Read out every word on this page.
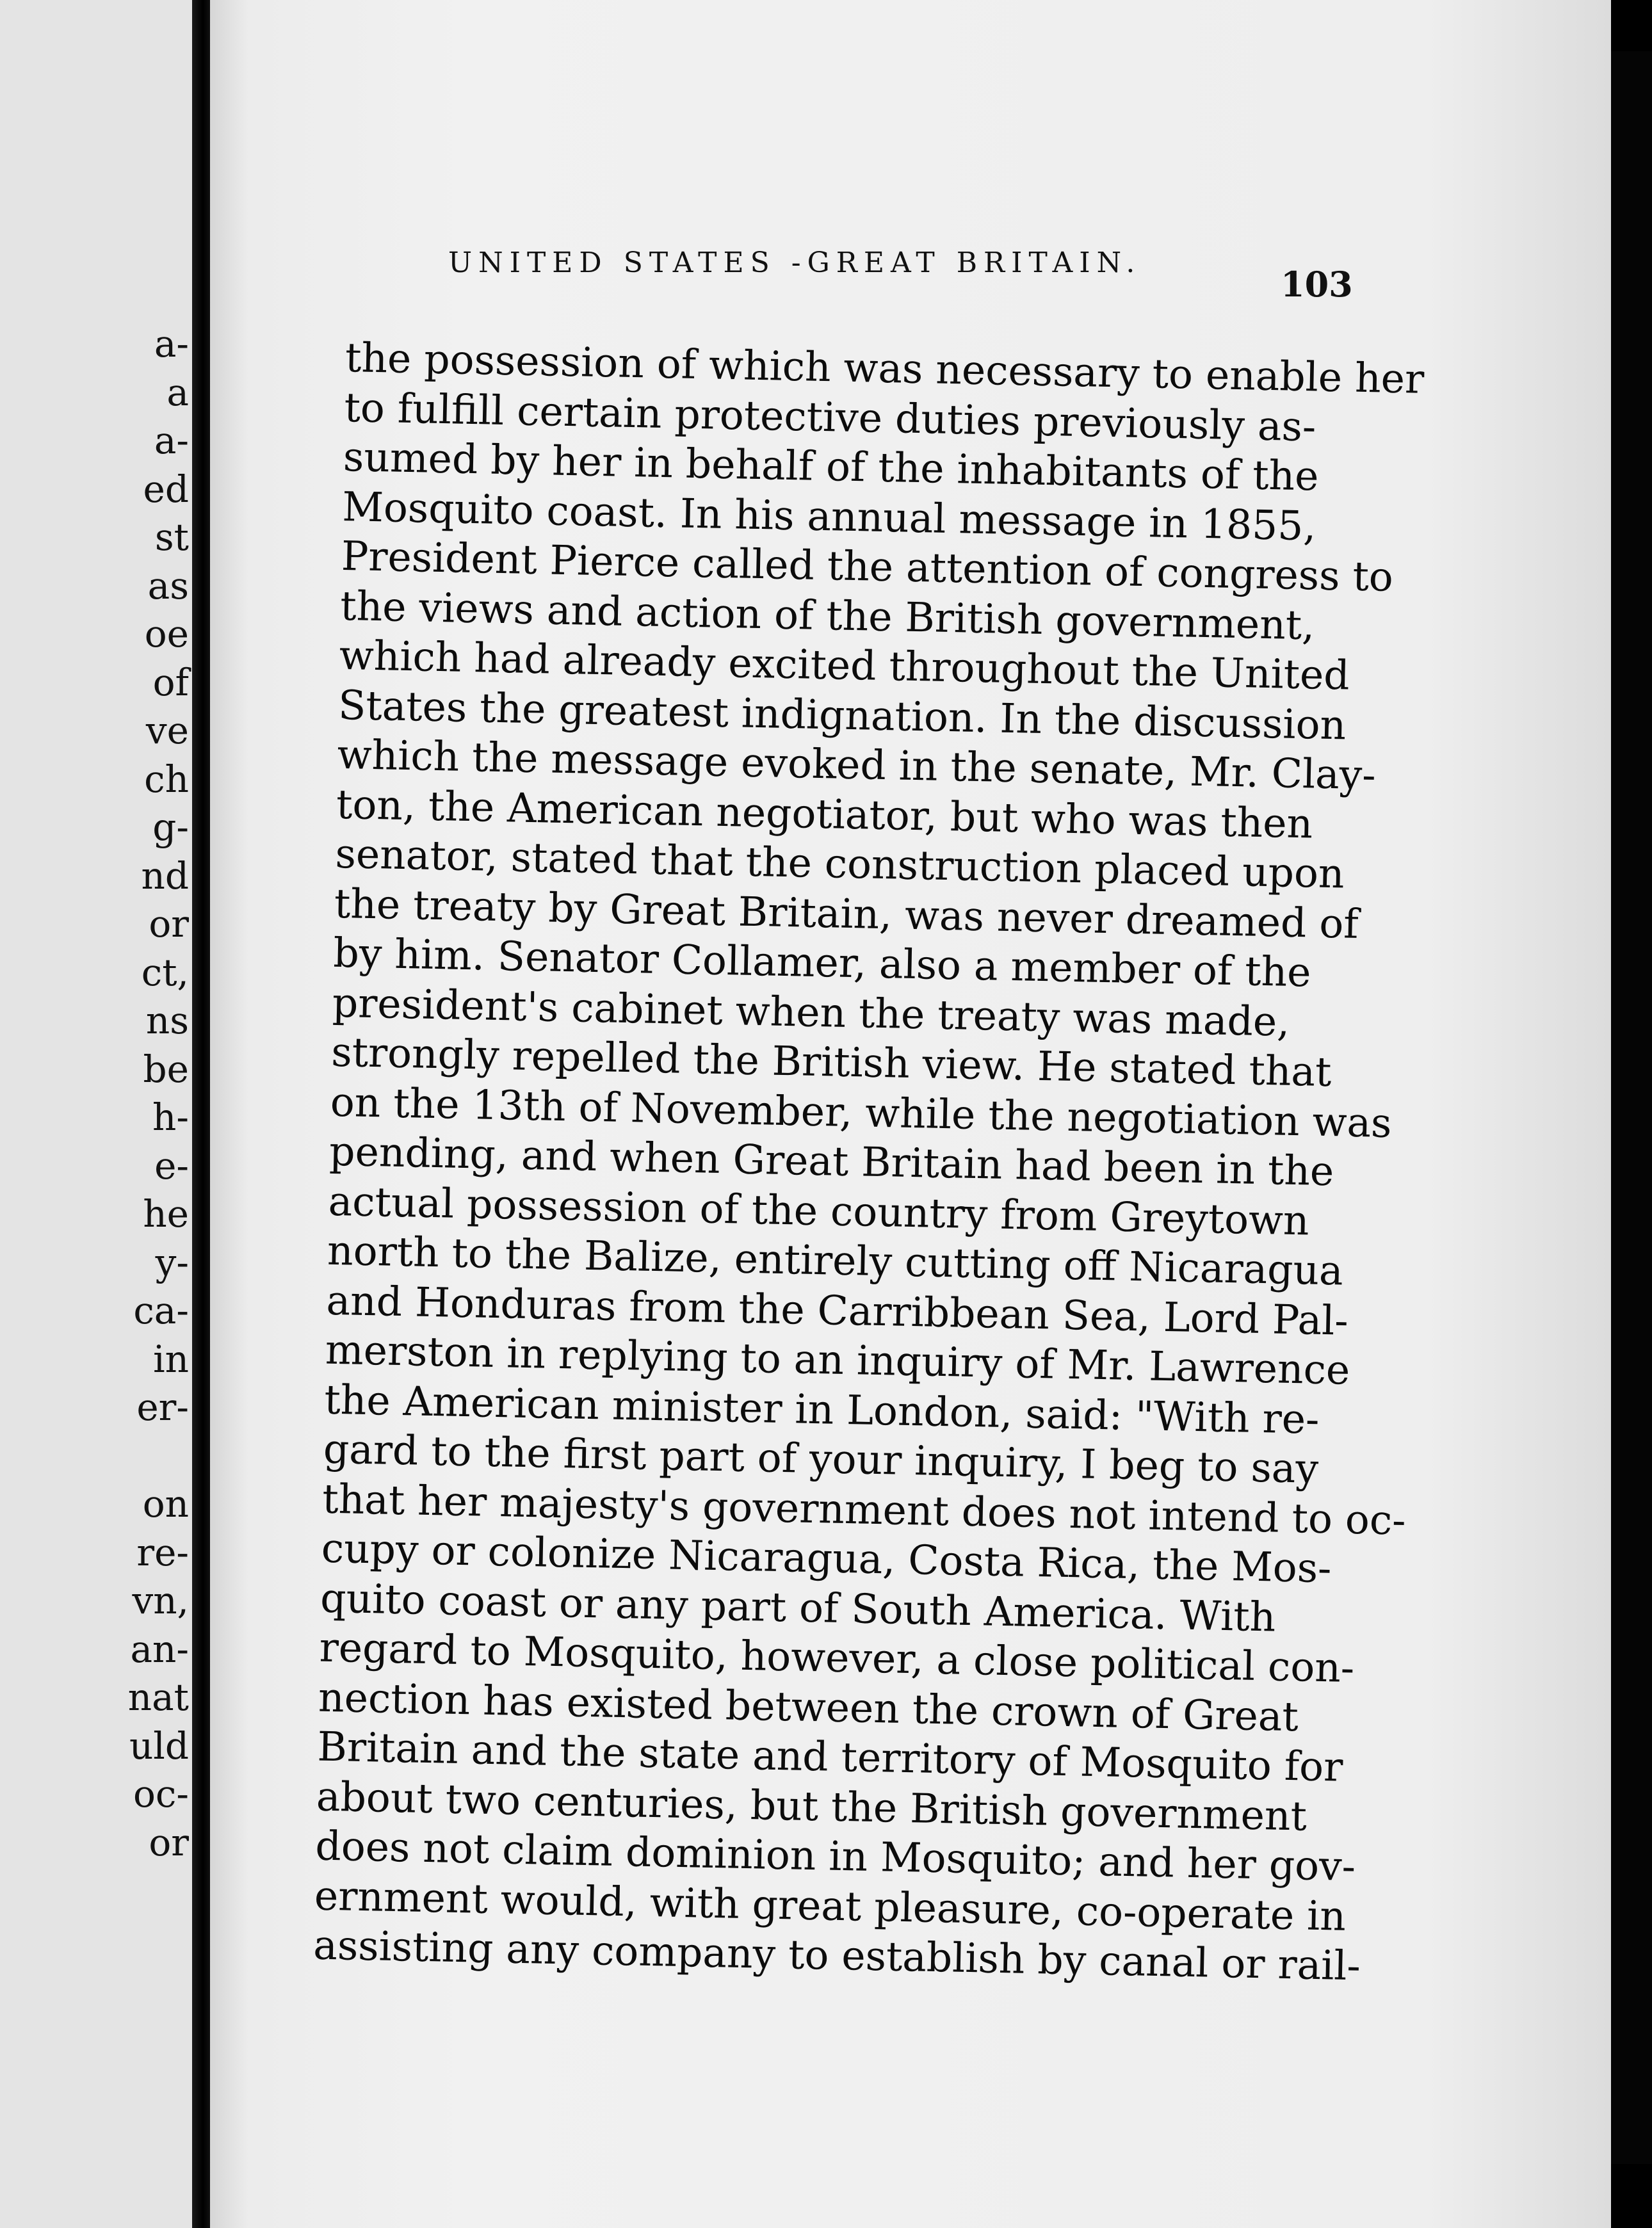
a-
a
a-
ed
st
as
oe
of
ve
ch
g-
nd
or
ct,
ns
be
h-
e-
he
y-
ca-
in
er-
on
re-
vn,
an-
nat
uld
oc-
or
UNITED STATES -GREAT BRITAIN.
103
the possession of which was necessary to enable her
to fulfill certain protective duties previously as-
sumed by her in behalf of the inhabitants of the
Mosquito coast. In his annual message in 1855,
President Pierce called the attention of congress to
the views and action of the British government,
which had already excited throughout the United
States the greatest indignation. In the discussion
which the message evoked in the senate, Mr. Clay-
ton, the American negotiator, but who was then
senator, stated that the construction placed upon
the treaty by Great Britain, was never dreamed of
by him. Senator Collamer, also a member of the
president's cabinet when the treaty was made,
strongly repelled the British view. He stated that
on the 13th of November, while the negotiation was
pending, and when Great Britain had been in the
actual possession of the country from Greytown
north to the Balize, entirely cutting off Nicaragua
and Honduras from the Carribbean Sea, Lord Pal-
merston in replying to an inquiry of Mr. Lawrence
the American minister in London, said: "With re-
gard to the first part of your inquiry, I beg to say
that her majesty's government does not intend to oc-
cupy or colonize Nicaragua, Costa Rica, the Mos-
quito coast or any part of South America. With
regard to Mosquito, however, a close political con-
nection has existed between the crown of Great
Britain and the state and territory of Mosquito for
about two centuries, but the British government
does not claim dominion in Mosquito; and her gov-
ernment would, with great pleasure, co-operate in
assisting any company to establish by canal or rail-
